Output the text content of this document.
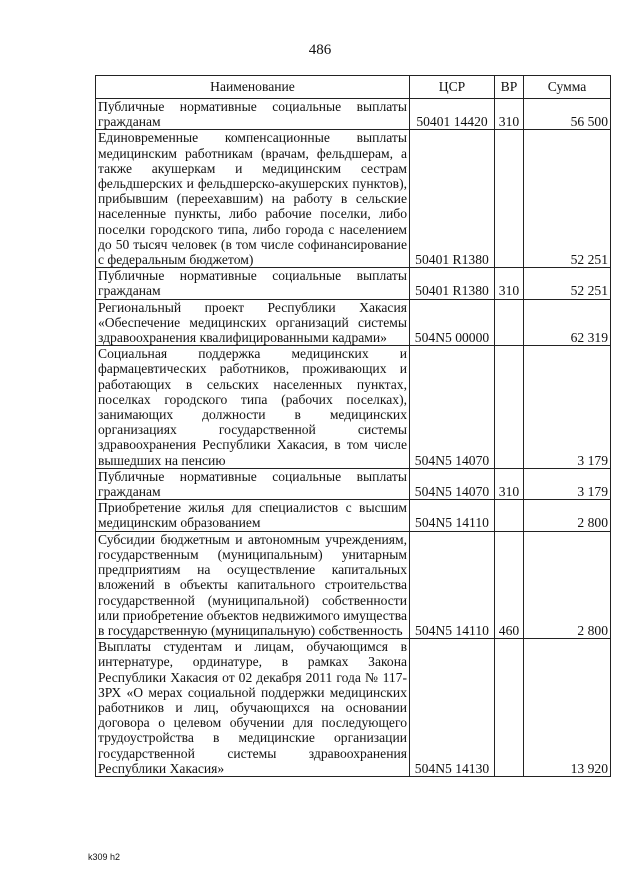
486
Наименование	ЦСР	ВР	Сумма
Публичные нормативные социальные выплаты гражданам	50401 14420	310	56 500
Единовременные компенсационные выплаты медицинским работникам (врачам, фельдшерам, а также акушеркам и медицинским сестрам фельдшерских и фельдшерско-акушерских пунктов), прибывшим (переехавшим) на работу в сельские населенные пункты, либо рабочие поселки, либо поселки городского типа, либо города с населением до 50 тысяч человек (в том числе софинансирование с федеральным бюджетом)	50401 R1380		52 251
Публичные нормативные социальные выплаты гражданам	50401 R1380	310	52 251
Региональный проект Республики Хакасия «Обеспечение медицинских организаций системы здравоохранения квалифицированными кадрами»	504N5 00000		62 319
Социальная поддержка медицинских и фармацевтических работников, проживающих и работающих в сельских населенных пунктах, поселках городского типа (рабочих поселках), занимающих должности в медицинских организациях государственной системы здравоохранения Республики Хакасия, в том числе вышедших на пенсию	504N5 14070		3 179
Публичные нормативные социальные выплаты гражданам	504N5 14070	310	3 179
Приобретение жилья для специалистов с высшим медицинским образованием	504N5 14110		2 800
Субсидии бюджетным и автономным учреждениям, государственным (муниципальным) унитарным предприятиям на осуществление капитальных вложений в объекты капитального строительства государственной (муниципальной) собственности или приобретение объектов недвижимого имущества в государственную (муниципальную) собственность	504N5 14110	460	2 800
Выплаты студентам и лицам, обучающимся в интернатуре, ординатуре, в рамках Закона Республики Хакасия от 02 декабря 2011 года № 117-ЗРХ «О мерах социальной поддержки медицинских работников и лиц, обучающихся на основании договора о целевом обучении для последующего трудоустройства в медицинские организации государственной системы здравоохранения Республики Хакасия»	504N5 14130		13 920
k309 h2
